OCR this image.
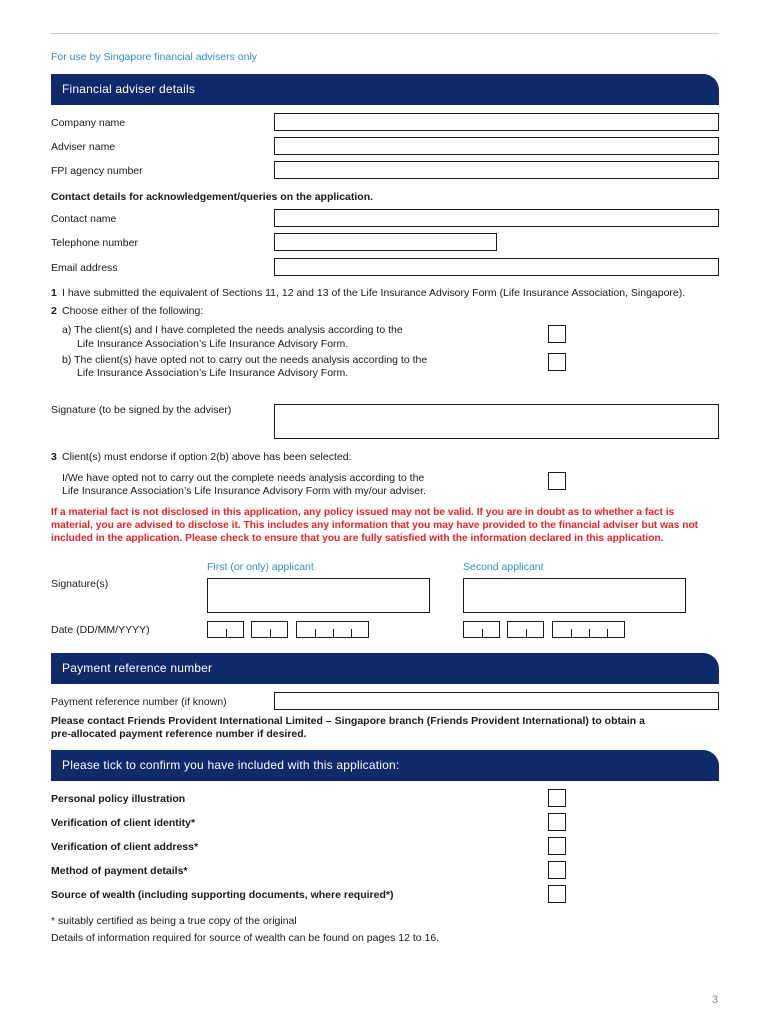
For use by Singapore financial advisers only
Financial adviser details
Company name
Adviser name
FPI agency number
Contact details for acknowledgement/queries on the application.
Contact name
Telephone number
Email address
1 I have submitted the equivalent of Sections 11, 12 and 13 of the Life Insurance Advisory Form (Life Insurance Association, Singapore).
2 Choose either of the following:
a) The client(s) and I have completed the needs analysis according to the
Life Insurance Association’s Life Insurance Advisory Form.
b) The client(s) have opted not to carry out the needs analysis according to the
Life Insurance Association’s Life Insurance Advisory Form.
Signature (to be signed by the adviser)
3 Client(s) must endorse if option 2(b) above has been selected:
I/We have opted not to carry out the complete needs analysis according to the
Life Insurance Association’s Life Insurance Advisory Form with my/our adviser.
If a material fact is not disclosed in this application, any policy issued may not be valid. If you are in doubt as to whether a fact is
material, you are advised to disclose it. This includes any information that you may have provided to the financial adviser but was not
included in the application. Please check to ensure that you are fully satisfied with the information declared in this application.
First (or only) applicant	Second applicant
Signature(s)
Date (DD/MM/YYYY)
Payment reference number
Payment reference number (if known)
Please contact Friends Provident International Limited – Singapore branch (Friends Provident International) to obtain a
pre-allocated payment reference number if desired.
Please tick to confirm you have included with this application:
Personal policy illustration
Verification of client identity*
Verification of client address*
Method of payment details*
Source of wealth (including supporting documents, where required*)
* suitably certified as being a true copy of the original
Details of information required for source of wealth can be found on pages 12 to 16.
3
